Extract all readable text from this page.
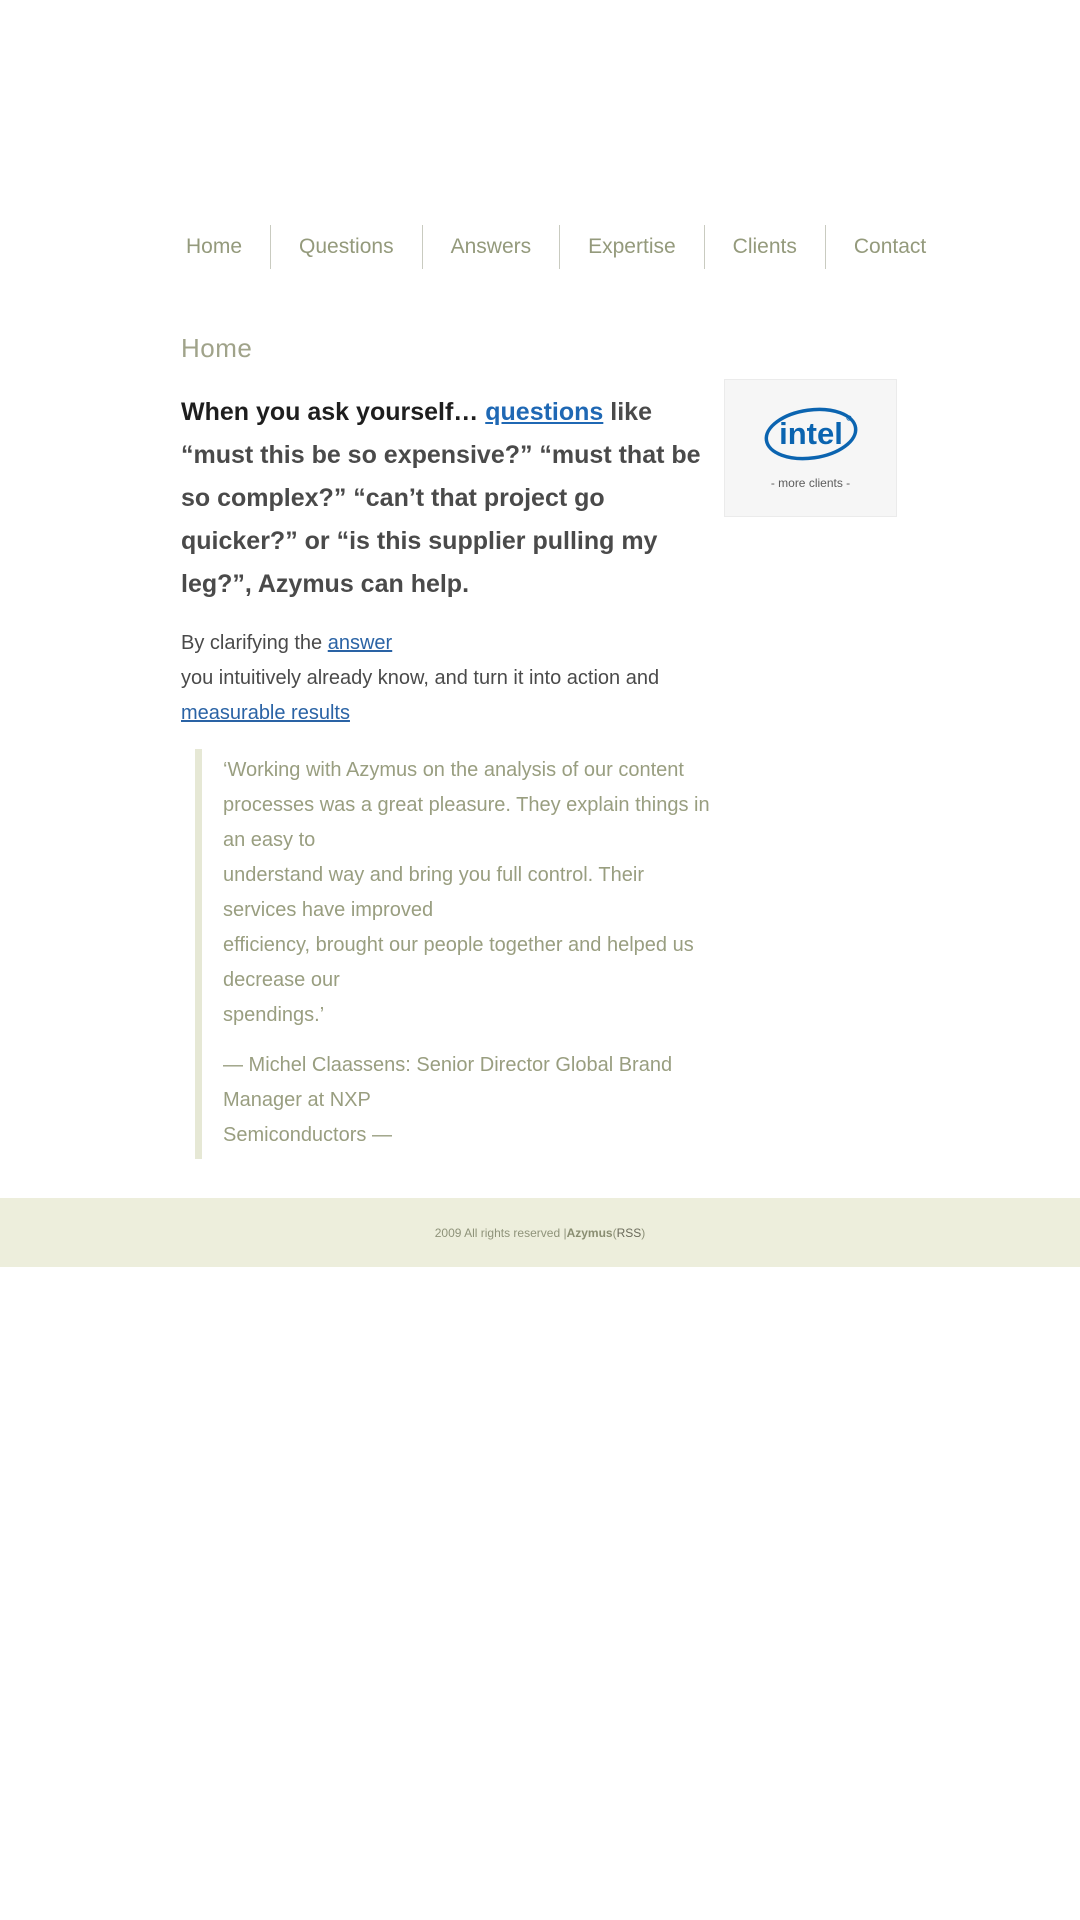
Home	Questions	Answers	Expertise	Clients	Contact
Home

When you ask yourself… questions like “must this be so expensive?” “must that be so complex?” “can’t that project go quicker?” or “is this supplier pulling my leg?”, Azymus can help.

By clarifying the answer
you intuitively already know, and turn it into action and
measurable results

‘Working with Azymus on the analysis of our content processes was a great pleasure. They explain things in an easy to
understand way and bring you full control. Their services have improved
efficiency, brought our people together and helped us decrease our
spendings.’

— Michel Claassens: Senior Director Global Brand Manager at NXP
Semiconductors —

intel
- more clients -
2009 All rights reserved | Azymus ( RSS )
